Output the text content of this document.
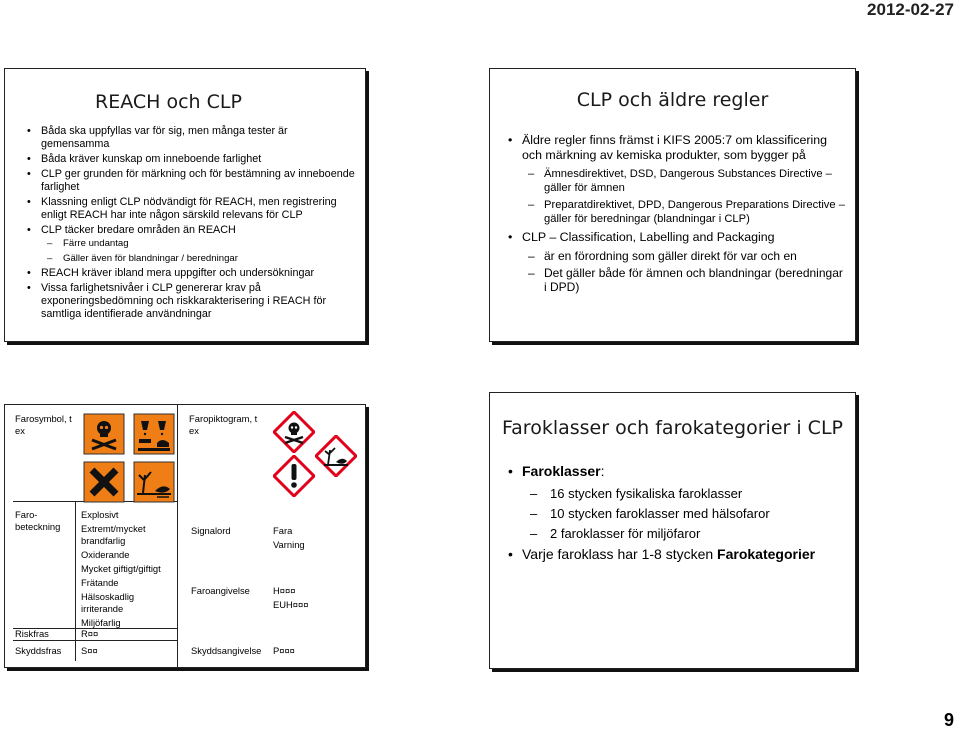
2012-02-27
REACH och CLP
• Båda ska uppfyllas var för sig, men många tester är gemensamma
• Båda kräver kunskap om inneboende farlighet
• CLP ger grunden för märkning och för bestämning av inneboende farlighet
• Klassning enligt CLP nödvändigt för REACH, men registrering enligt REACH har inte någon särskild relevans för CLP
• CLP täcker bredare områden än REACH
– Färre undantag
– Gäller även för blandningar / beredningar
• REACH kräver ibland mera uppgifter och undersökningar
• Vissa farlighetsnivåer i CLP genererar krav på exponeringsbedömning och riskkarakterisering i REACH för samtliga identifierade användningar
CLP och äldre regler
• Äldre regler finns främst i KIFS 2005:7 om klassificering och märkning av kemiska produkter, som bygger på
– Ämnesdirektivet, DSD, Dangerous Substances Directive – gäller för ämnen
– Preparatdirektivet, DPD, Dangerous Preparations Directive – gäller för beredningar (blandningar i CLP)
• CLP – Classification, Labelling and Packaging
– är en förordning som gäller direkt för var och en
– Det gäller både för ämnen och blandningar (beredningar i DPD)
Farosymbol, t ex
Faro-beteckning
Riskfras
Skyddsfras
Explosivt
Extremt/mycket brandfarlig
Oxiderande
Mycket giftigt/giftigt
Frätande
Hälsoskadlig irriterande
Miljöfarlig
R¤¤
S¤¤
Faropiktogram, t ex
Signalord	Fara
Varning
Faroangivelse H¤¤¤
EUH¤¤¤
Skyddsangivelse P¤¤¤
Faroklasser och farokategorier i CLP
• Faroklasser:
– 16 stycken fysikaliska faroklasser
– 10 stycken faroklasser med hälsofaror
– 2 faroklasser för miljöfaror
• Varje faroklass har 1-8 stycken Farokategorier
9
